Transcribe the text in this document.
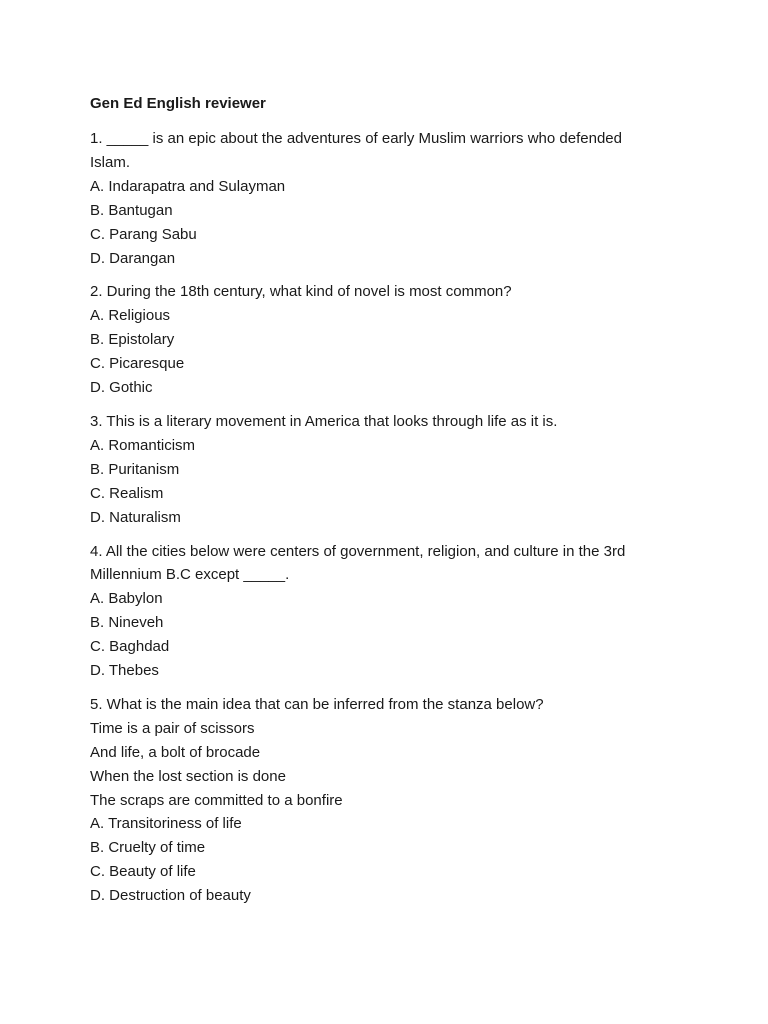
Gen Ed English reviewer
1. _____ is an epic about the adventures of early Muslim warriors who defended
Islam.
A. Indarapatra and Sulayman
B. Bantugan
C. Parang Sabu
D. Darangan
2. During the 18th century, what kind of novel is most common?
A. Religious
B. Epistolary
C. Picaresque
D. Gothic
3. This is a literary movement in America that looks through life as it is.
A. Romanticism
B. Puritanism
C. Realism
D. Naturalism
4. All the cities below were centers of government, religion, and culture in the 3rd
Millennium B.C except _____.
A. Babylon
B. Nineveh
C. Baghdad
D. Thebes
5. What is the main idea that can be inferred from the stanza below?
Time is a pair of scissors
And life, a bolt of brocade
When the lost section is done
The scraps are committed to a bonfire
A. Transitoriness of life
B. Cruelty of time
C. Beauty of life
D. Destruction of beauty
